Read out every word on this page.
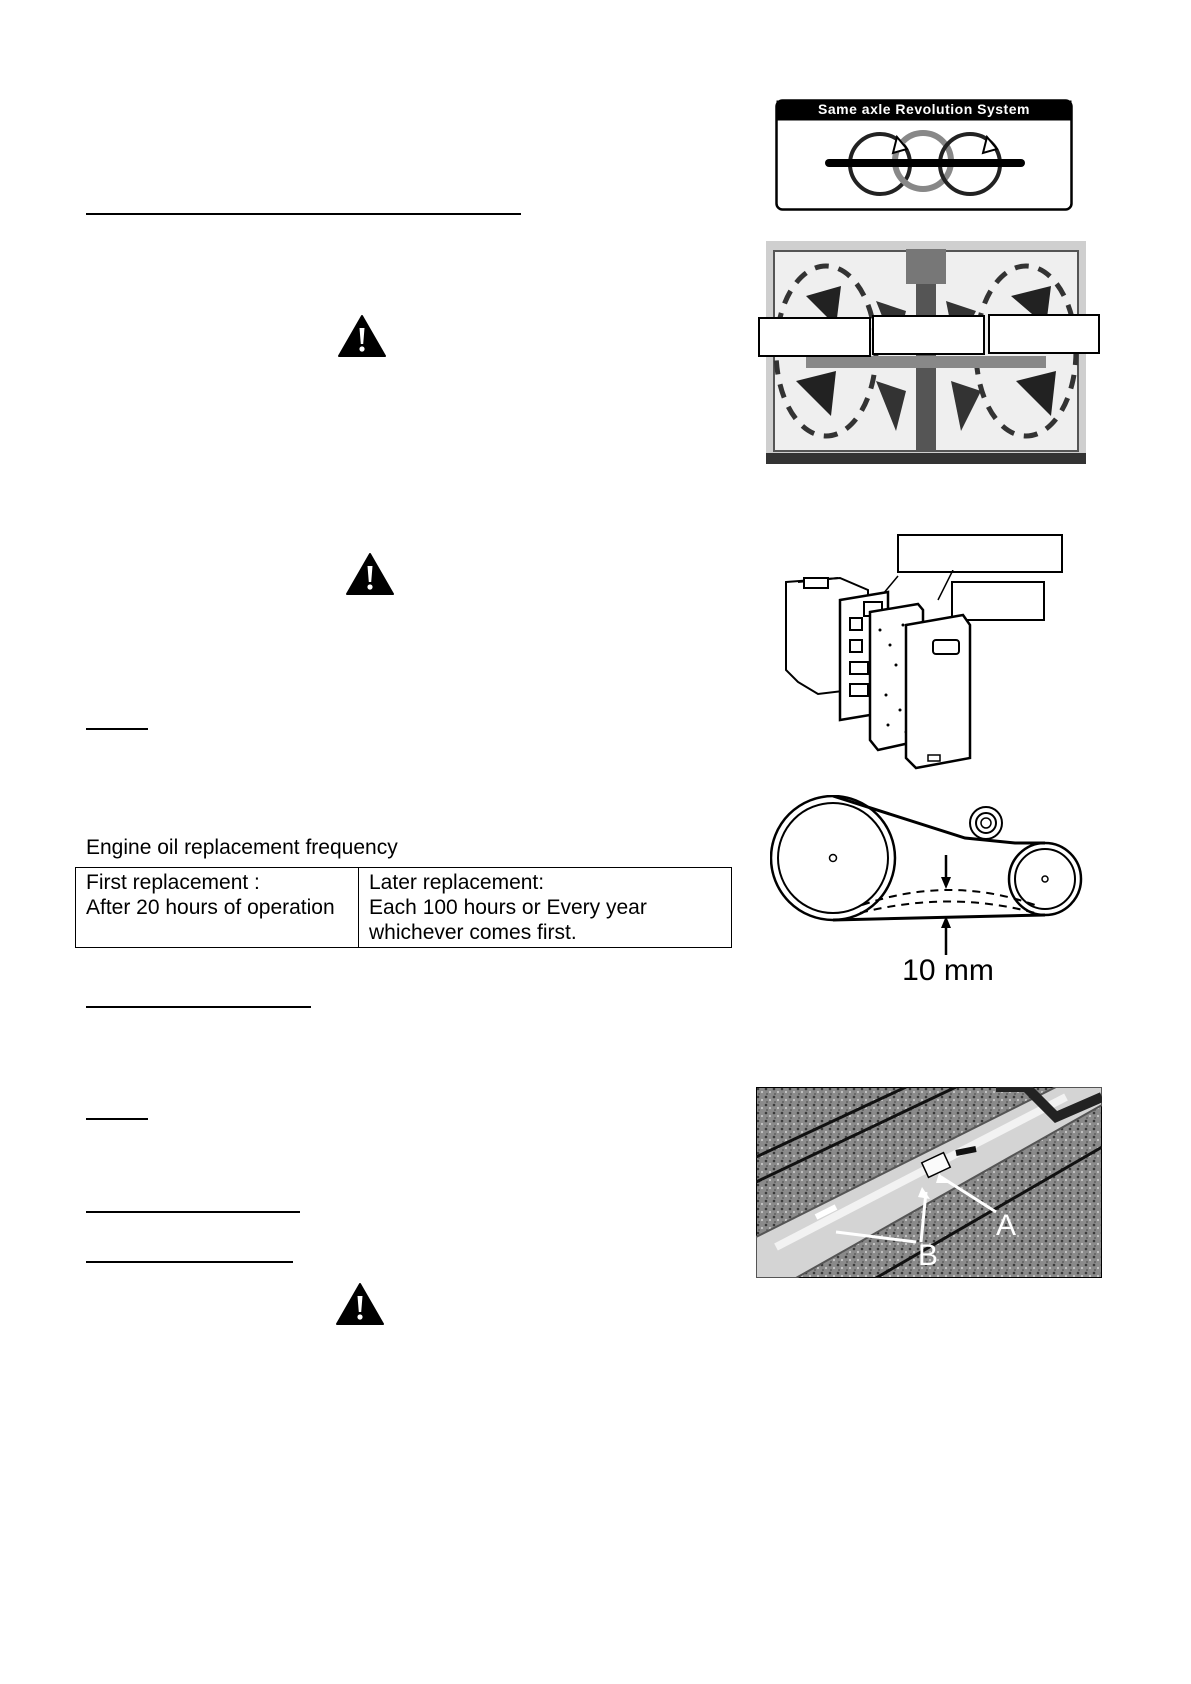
Engine oil replacement frequency
First replacement :
After 20 hours of operation

Later replacement:
Each 100 hours or Every year
whichever comes first.
Same axle Revolution System
10 mm
A
B
